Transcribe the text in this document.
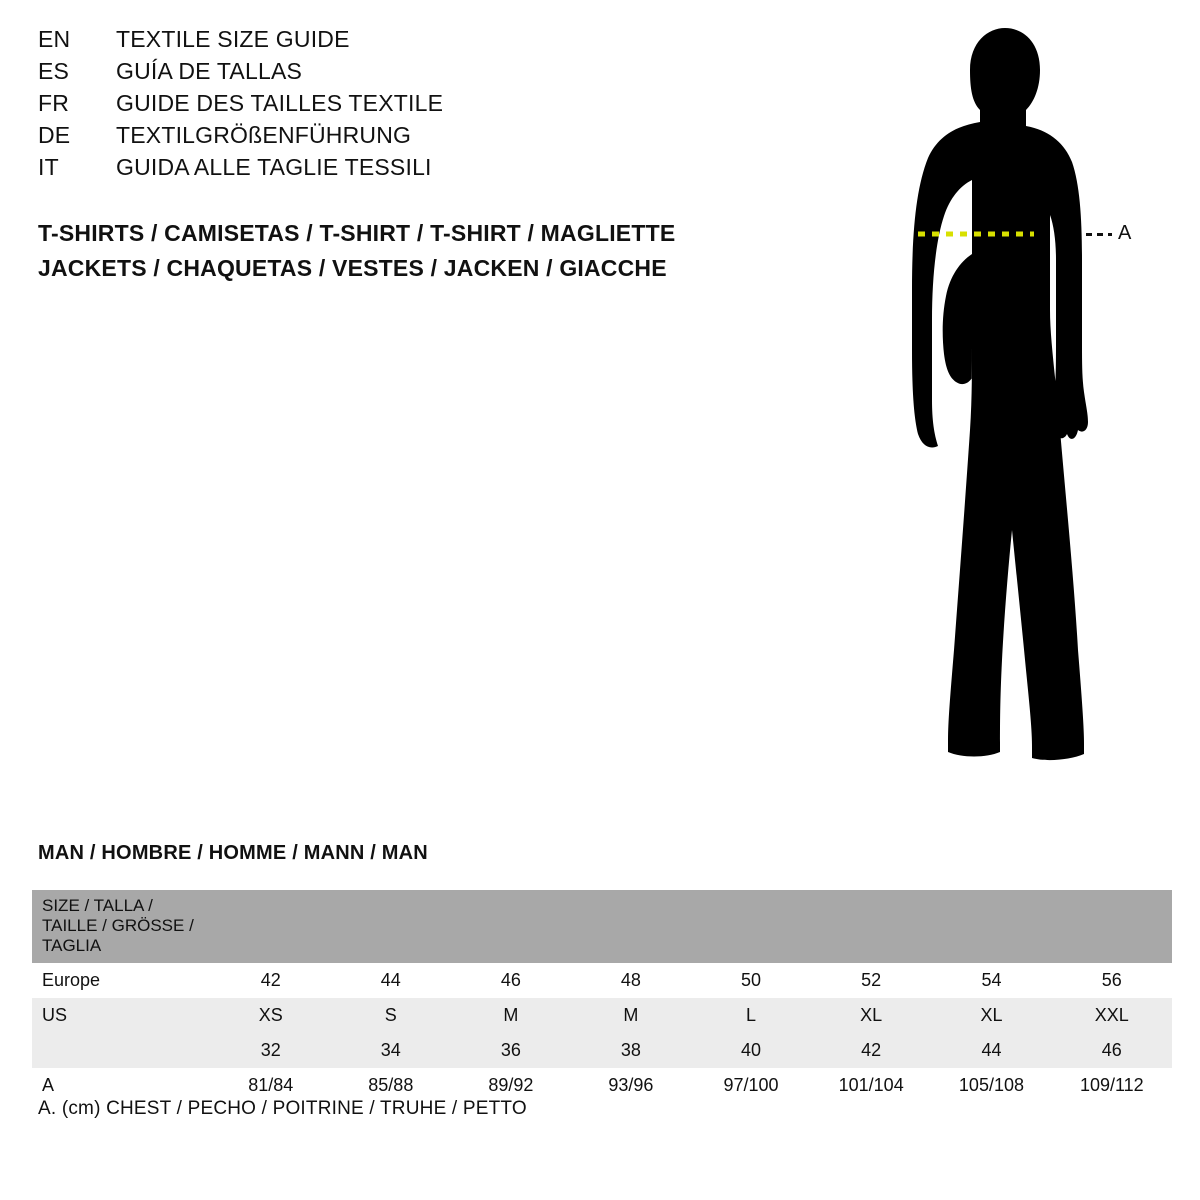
EN	TEXTILE SIZE GUIDE
ES	GUÍA DE TALLAS
FR	GUIDE DES TAILLES TEXTILE
DE	TEXTILGRÖßENFÜHRUNG
IT	GUIDA ALLE TAGLIE TESSILI
T-SHIRTS / CAMISETAS / T-SHIRT / T-SHIRT / MAGLIETTE
JACKETS / CHAQUETAS / VESTES / JACKEN / GIACCHE
A
MAN / HOMBRE / HOMME / MANN / MAN
SIZE / TALLA / TAILLE / GRÖSSE / TAGLIA								
Europe	42	44	46	48	50	52	54	56
US	XS	S	M	M	L	XL	XL	XXL
	32	34	36	38	40	42	44	46
A	81/84	85/88	89/92	93/96	97/100	101/104	105/108	109/112
A. (cm) CHEST / PECHO / POITRINE / TRUHE / PETTO
